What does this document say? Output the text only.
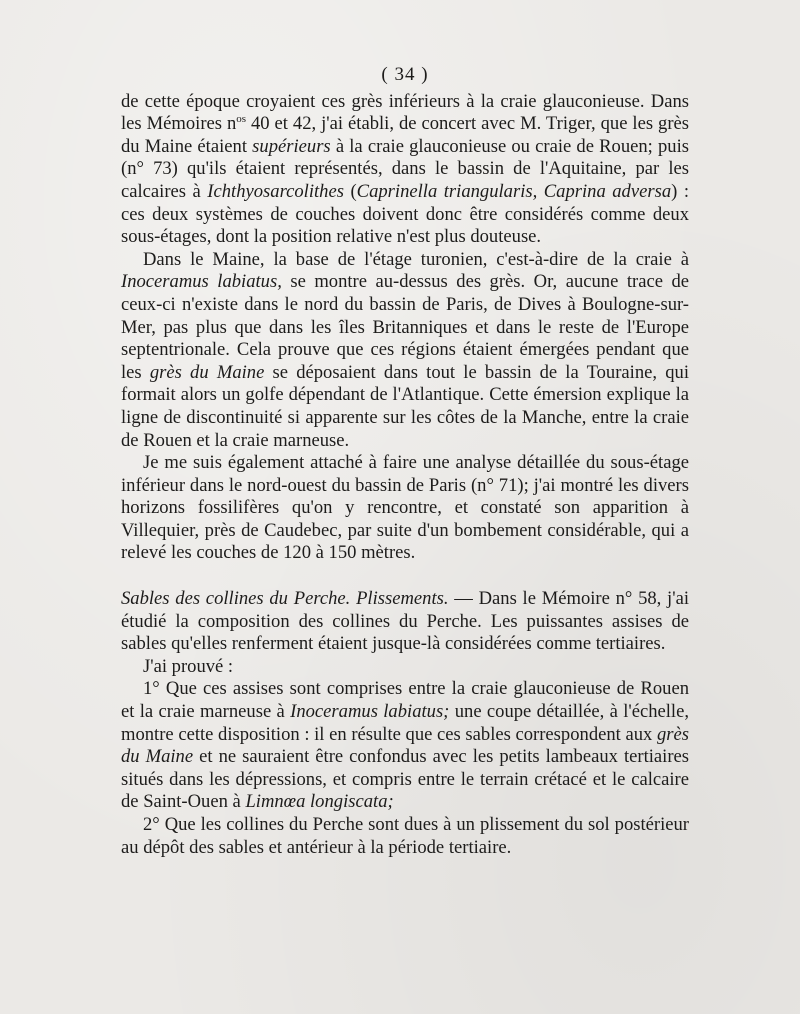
( 34 )

de cette époque croyaient ces grès inférieurs à la craie glauconieuse. Dans les Mémoires $n^{os}$ 40 et 42, j'ai établi, de concert avec M. Triger, que les grès du Maine étaient supérieurs à la craie glauconieuse ou craie de Rouen; puis (n° 73) qu'ils étaient représentés, dans le bassin de l'Aquitaine, par les calcaires à Ichthyosarcolithes (Caprinella triangularis, Caprina adversa) : ces deux systèmes de couches doivent donc être considérés comme deux sous-étages, dont la position relative n'est plus douteuse.

Dans le Maine, la base de l'étage turonien, c'est-à-dire de la craie à Inoceramus labiatus, se montre au-dessus des grès. Or, aucune trace de ceux-ci n'existe dans le nord du bassin de Paris, de Dives à Boulogne-sur-Mer, pas plus que dans les îles Britanniques et dans le reste de l'Europe septentrionale. Cela prouve que ces régions étaient émergées pendant que les grès du Maine se déposaient dans tout le bassin de la Touraine, qui formait alors un golfe dépendant de l'Atlantique. Cette émersion explique la ligne de discontinuité si apparente sur les côtes de la Manche, entre la craie de Rouen et la craie marneuse.

Je me suis également attaché à faire une analyse détaillée du sous-étage inférieur dans le nord-ouest du bassin de Paris (n° 71); j'ai montré les divers horizons fossilifères qu'on y rencontre, et constaté son apparition à Villequier, près de Caudebec, par suite d'un bombement considérable, qui a relevé les couches de 120 à 150 mètres.

Sables des collines du Perche. Plissements. — Dans le Mémoire n° 58, j'ai étudié la composition des collines du Perche. Les puissantes assises de sables qu'elles renferment étaient jusque-là considérées comme tertiaires.

J'ai prouvé :

1° Que ces assises sont comprises entre la craie glauconieuse de Rouen et la craie marneuse à Inoceramus labiatus; une coupe détaillée, à l'échelle, montre cette disposition : il en résulte que ces sables correspondent aux grès du Maine et ne sauraient être confondus avec les petits lambeaux tertiaires situés dans les dépressions, et compris entre le terrain crétacé et le calcaire de Saint-Ouen à Limnœa longiscata;

2° Que les collines du Perche sont dues à un plissement du sol postérieur au dépôt des sables et antérieur à la période tertiaire.
